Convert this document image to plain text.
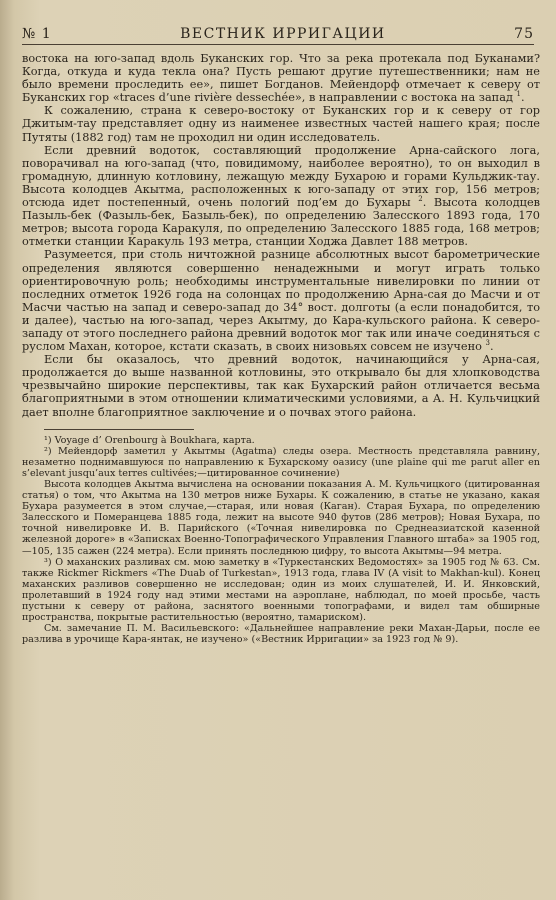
№ 1	ВЕСТНИК ИРРИГАЦИИ	75

востока на юго-запад вдоль Буканских гор. Что за река протекала под Буканами? Когда, откуда и куда текла она? Пусть решают другие путешественники; нам не было времени проследить ее», пишет Богданов. Мейендорф отмечает к северу от Буканских гор «traces d’une rivière dessechée», в направлении с востока на запад $^1$.

К сожалению, страна к северо-востоку от Буканских гор и к северу от гор Джитым-тау представляет одну из наименее известных частей нашего края; после Путяты (1882 год) там не проходил ни один исследователь.

Если древний водоток, составляющий продолжение Арна-сайского лога, поворачивал на юго-запад (что, повидимому, наиболее вероятно), то он выходил в громадную, длинную котловину, лежащую между Бухарою и горами Кульджик-тау. Высота колодцев Акытма, расположенных к юго-западу от этих гор, 156 метров; отсюда идет постепенный, очень пологий под’ем до Бухары $^2$. Высота колодцев Пазыль-бек (Фазыль-бек, Базыль-бек), по определению Залесского 1893 года, 170 метров; высота города Каракуля, по определению Залесского 1885 года, 168 метров; отметки станции Каракуль 193 метра, станции Ходжа Давлет 188 метров.

Разумеется, при столь ничтожной разнице абсолютных высот барометрические определения являются совершенно ненадежными и могут играть только ориентировочную роль; необходимы инструментальные нивелировки по линии от последних отметок 1926 года на солонцах по продолжению Арна-сая до Масчи и от Масчи частью на запад и северо-запад до 34° вост. долготы (а если понадобится, то и далее), частью на юго-запад, через Акытму, до Кара-кульского района. К северо-западу от этого последнего района древний водоток мог так или иначе соединяться с руслом Махан, которое, кстати сказать, в своих низовьях совсем не изучено $^3$.

Если бы оказалось, что древний водоток, начинающийся у Арна-сая, продолжается до выше названной котловины, это открывало бы для хлопководства чрезвычайно широкие перспективы, так как Бухарский район отличается весьма благоприятными в этом отношении климатическими условиями, а А. Н. Кульчицкий дает вполне благоприятное заключение и о почвах этого района.

¹) Voyage d’ Orenbourg à Boukhara, карта.

²) Мейендорф заметил у Акытмы (Agatma) следы озера. Местность представляла равнину, незаметно поднимавшуюся по направлению к Бухарскому оазису (une plaine qui me parut aller en s’elevant jusqu’aux terres cultivées;—цитированное сочинение)

Высота колодцев Акытма вычислена на основании показания А. М. Кульчицкого (цитированная статья) о том, что Акытма на 130 метров ниже Бухары. К сожалению, в статье не указано, какая Бухара разумеется в этом случае,—старая, или новая (Каган). Старая Бухара, по определению Залесского и Померанцева 1885 года, лежит на высоте 940 футов (286 метров); Новая Бухара, по точной нивелировке И. В. Парийского («Точная нивелировка по Среднеазиатской казенной железной дороге» в «Записках Военно-Топографического Управления Главного штаба» за 1905 год,—105, 135 сажен (224 метра). Если принять последнюю цифру, то высота Акытмы—94 метра.

³) О маханских разливах см. мою заметку в «Туркестанских Ведомостях» за 1905 год № 63. См. также Rickmer Rickmers «The Duab of Turkestan», 1913 года, глава IV (A visit to Makhan-kul). Конец маханских разливов совершенно не исследован; один из моих слушателей, И. И. Янковский, пролетавший в 1924 году над этими местами на аэроплане, наблюдал, по моей просьбе, часть пустыни к северу от района, заснятого военными топографами, и видел там обширные пространства, покрытые растительностью (вероятно, тамариском).

См. замечание П. М. Васильевского: «Дальнейшее направление реки Махан-Дарьи, после ее разлива в урочище Кара-янтак, не изучено» («Вестник Ирригации» за 1923 год № 9).
